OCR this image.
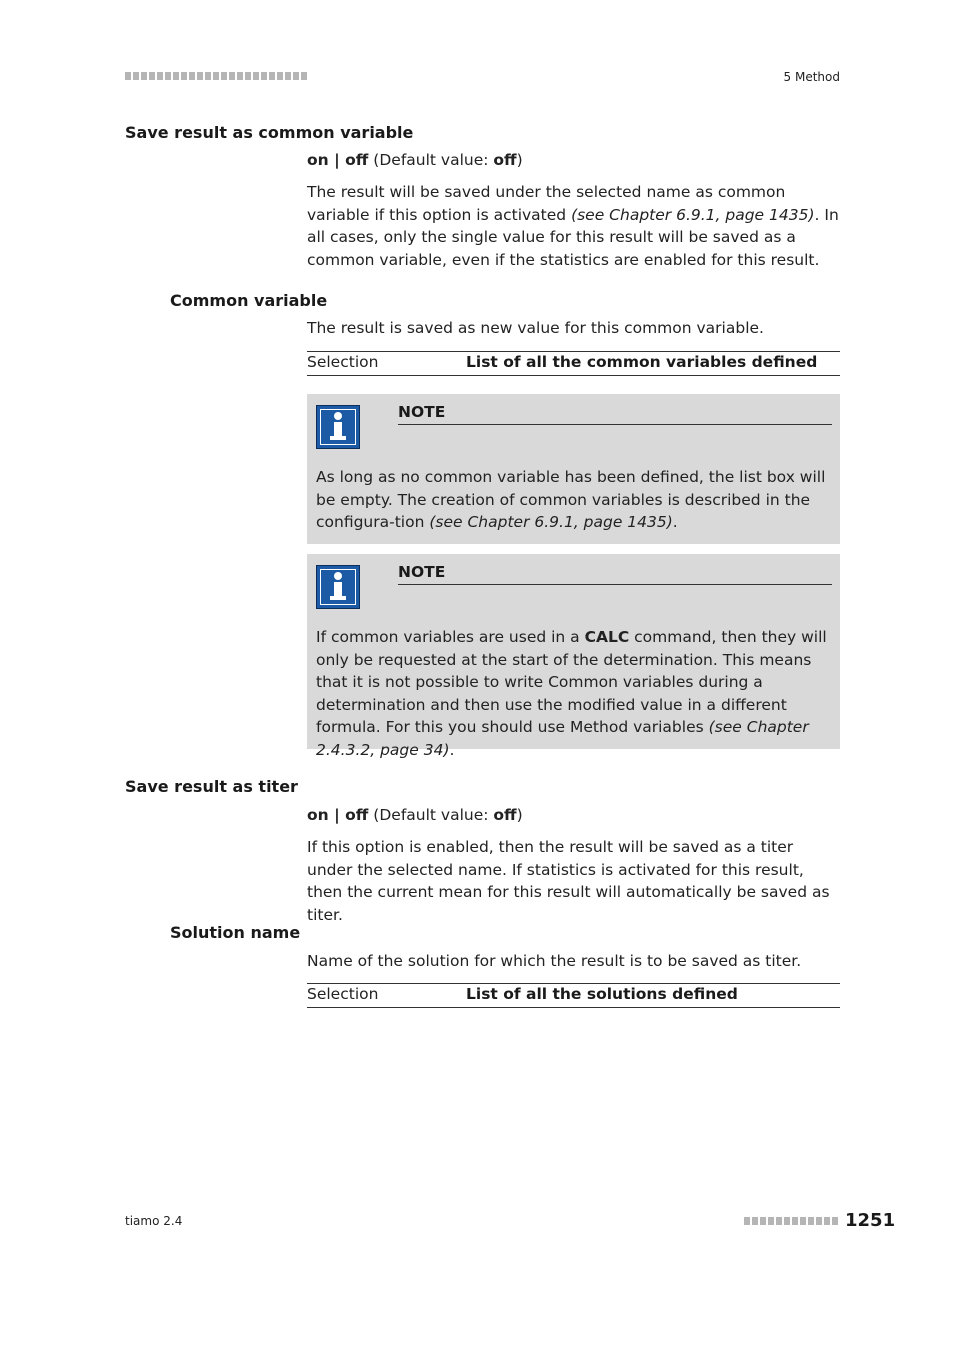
5 Method
Save result as common variable
on | off (Default value: off)
The result will be saved under the selected name as common variable if this option is activated (see Chapter 6.9.1, page 1435). In all cases, only the single value for this result will be saved as a common variable, even if the statistics are enabled for this result.
Common variable
The result is saved as new value for this common variable.
Selection	List of all the common variables defined
NOTE
As long as no common variable has been defined, the list box will be empty. The creation of common variables is described in the configura-tion (see Chapter 6.9.1, page 1435).
NOTE
If common variables are used in a CALC command, then they will only be requested at the start of the determination. This means that it is not possible to write Common variables during a determination and then use the modified value in a different formula. For this you should use Method variables (see Chapter 2.4.3.2, page 34).
Save result as titer
on | off (Default value: off)
If this option is enabled, then the result will be saved as a titer under the selected name. If statistics is activated for this result, then the current mean for this result will automatically be saved as titer.
Solution name
Name of the solution for which the result is to be saved as titer.
Selection	List of all the solutions defined
tiamo 2.4	1251
